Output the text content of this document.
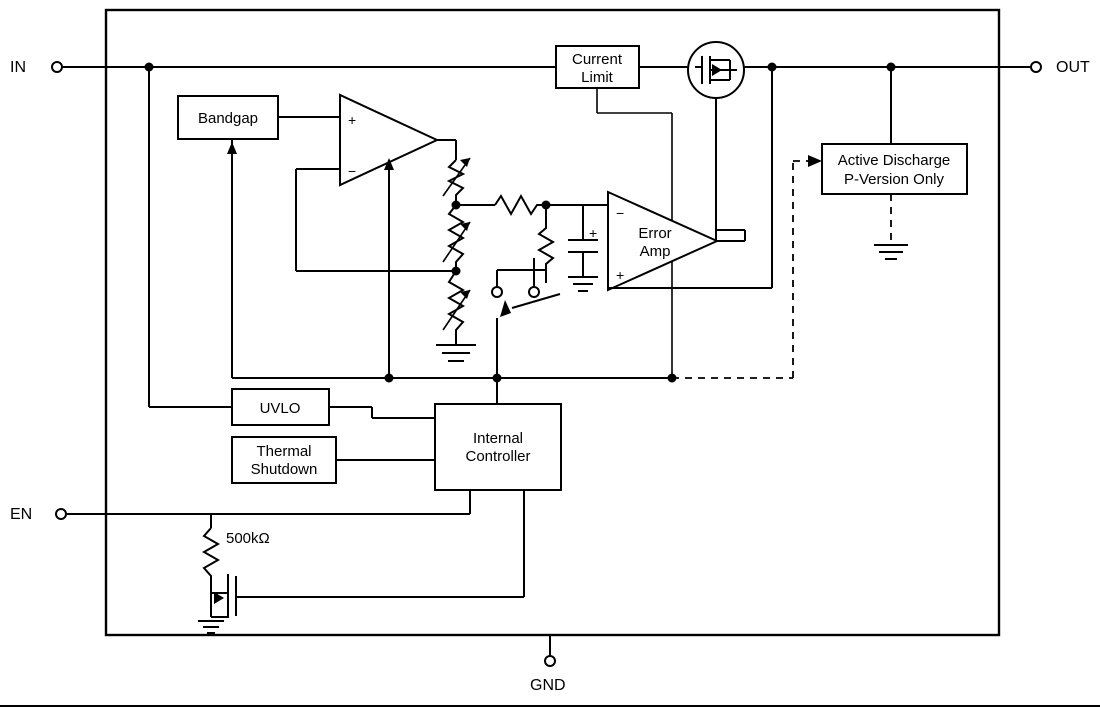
IN	OUT
EN
GND
Current
Limit
Bandgap	+
−
+
−
+
Error
Amp
Active Discharge
P-Version Only
UVLO
Thermal
Shutdown
Internal
Controller
500kΩ
